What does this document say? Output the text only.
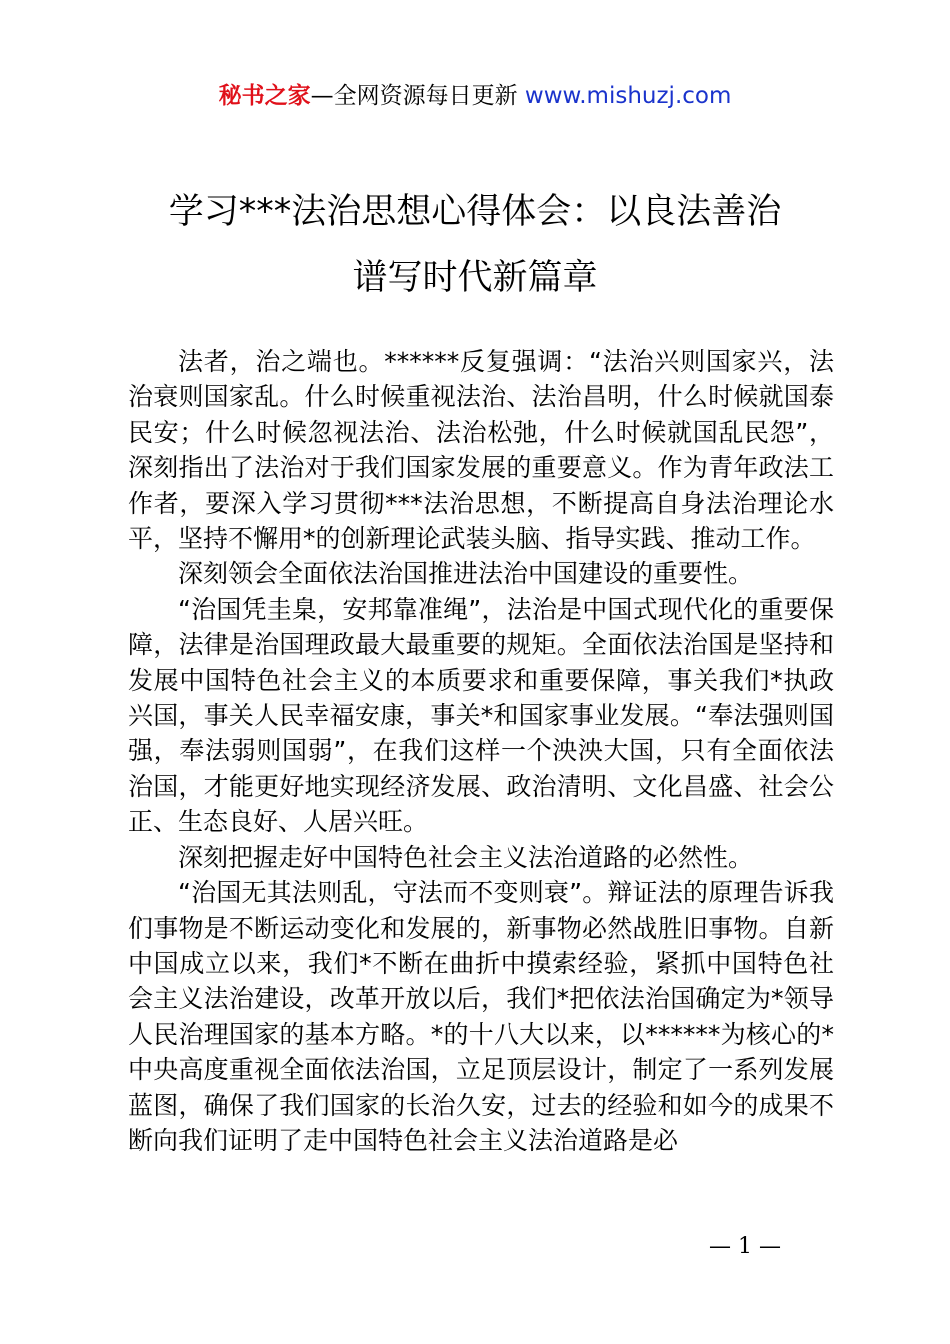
秘书之家—全网资源每日更新 www.mishuzj.com
学习***法治思想心得体会：以良法善治
谱写时代新篇章

法者，治之端也。******反复强调：“法治兴则国家兴，法治衰则国家乱。什么时候重视法治、法治昌明，什么时候就国泰民安；什么时候忽视法治、法治松弛，什么时候就国乱民怨”，深刻指出了法治对于我们国家发展的重要意义。作为青年政法工作者，要深入学习贯彻***法治思想，不断提高自身法治理论水平，坚持不懈用*的创新理论武装头脑、指导实践、推动工作。

深刻领会全面依法治国推进法治中国建设的重要性。

“治国凭圭臬，安邦靠准绳”，法治是中国式现代化的重要保障，法律是治国理政最大最重要的规矩。全面依法治国是坚持和发展中国特色社会主义的本质要求和重要保障，事关我们*执政兴国，事关人民幸福安康，事关*和国家事业发展。“奉法强则国强，奉法弱则国弱”，在我们这样一个泱泱大国，只有全面依法治国，才能更好地实现经济发展、政治清明、文化昌盛、社会公正、生态良好、人居兴旺。

深刻把握走好中国特色社会主义法治道路的必然性。

“治国无其法则乱，守法而不变则衰”。辩证法的原理告诉我们事物是不断运动变化和发展的，新事物必然战胜旧事物。自新中国成立以来，我们*不断在曲折中摸索经验，紧抓中国特色社会主义法治建设，改革开放以后，我们*把依法治国确定为*领导人民治理国家的基本方略。*的十八大以来，以******为核心的*中央高度重视全面依法治国，立足顶层设计，制定了一系列发展蓝图，确保了我们国家的长治久安，过去的经验和如今的成果不断向我们证明了走中国特色社会主义法治道路是必

— 1 —
